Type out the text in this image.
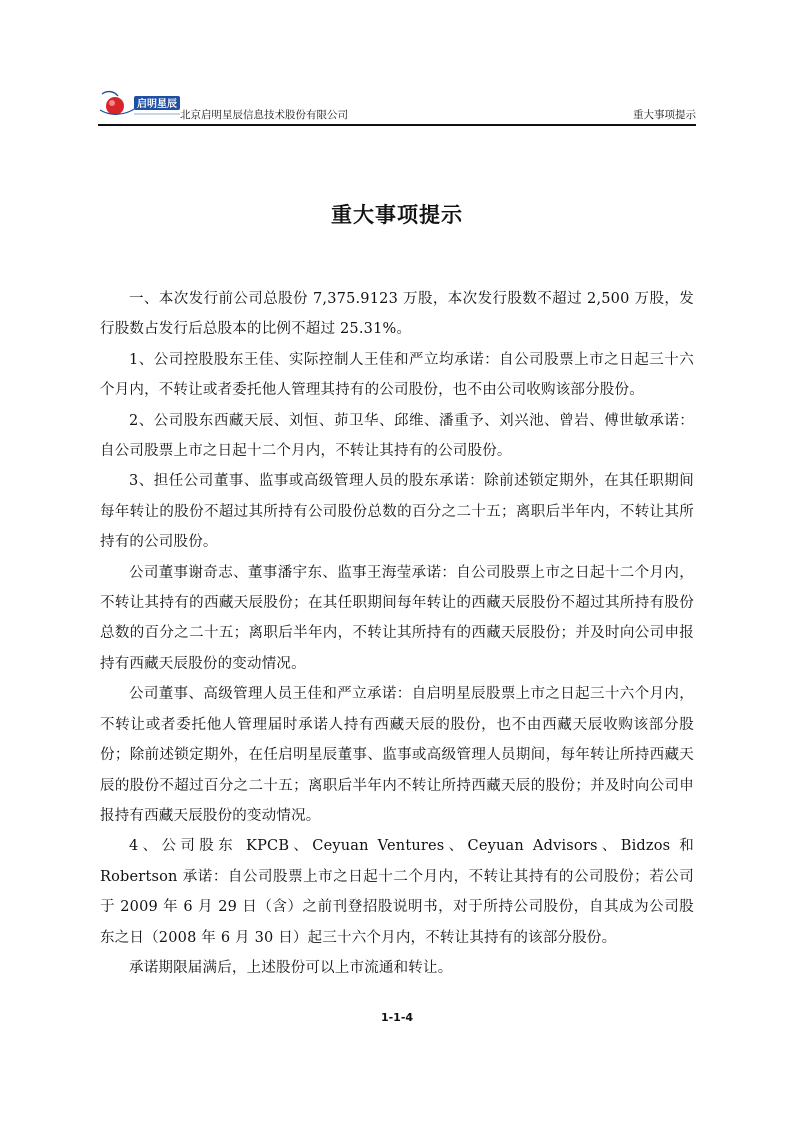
启明星辰
北京启明星辰信息技术股份有限公司	重大事项提示
重大事项提示

一、本次发行前公司总股份 7,375.9123 万股，本次发行股数不超过 2,500 万股，发行股数占发行后总股本的比例不超过 25.31%。

1、公司控股股东王佳、实际控制人王佳和严立均承诺：自公司股票上市之日起三十六个月内，不转让或者委托他人管理其持有的公司股份，也不由公司收购该部分股份。

2、公司股东西藏天辰、刘恒、茆卫华、邱维、潘重予、刘兴池、曾岩、傅世敏承诺：自公司股票上市之日起十二个月内，不转让其持有的公司股份。

3、担任公司董事、监事或高级管理人员的股东承诺：除前述锁定期外，在其任职期间每年转让的股份不超过其所持有公司股份总数的百分之二十五；离职后半年内，不转让其所持有的公司股份。

公司董事谢奇志、董事潘宇东、监事王海莹承诺：自公司股票上市之日起十二个月内，不转让其持有的西藏天辰股份；在其任职期间每年转让的西藏天辰股份不超过其所持有股份总数的百分之二十五；离职后半年内，不转让其所持有的西藏天辰股份；并及时向公司申报持有西藏天辰股份的变动情况。

公司董事、高级管理人员王佳和严立承诺：自启明星辰股票上市之日起三十六个月内，不转让或者委托他人管理届时承诺人持有西藏天辰的股份，也不由西藏天辰收购该部分股份；除前述锁定期外，在任启明星辰董事、监事或高级管理人员期间，每年转让所持西藏天辰的股份不超过百分之二十五；离职后半年内不转让所持西藏天辰的股份；并及时向公司申报持有西藏天辰股份的变动情况。

4、公司股东 KPCB、Ceyuan Ventures、Ceyuan Advisors、Bidzos 和 Robertson 承诺：自公司股票上市之日起十二个月内，不转让其持有的公司股份；若公司于 2009 年 6 月 29 日（含）之前刊登招股说明书，对于所持公司股份，自其成为公司股东之日（2008 年 6 月 30 日）起三十六个月内，不转让其持有的该部分股份。

承诺期限届满后，上述股份可以上市流通和转让。

1-1-4
